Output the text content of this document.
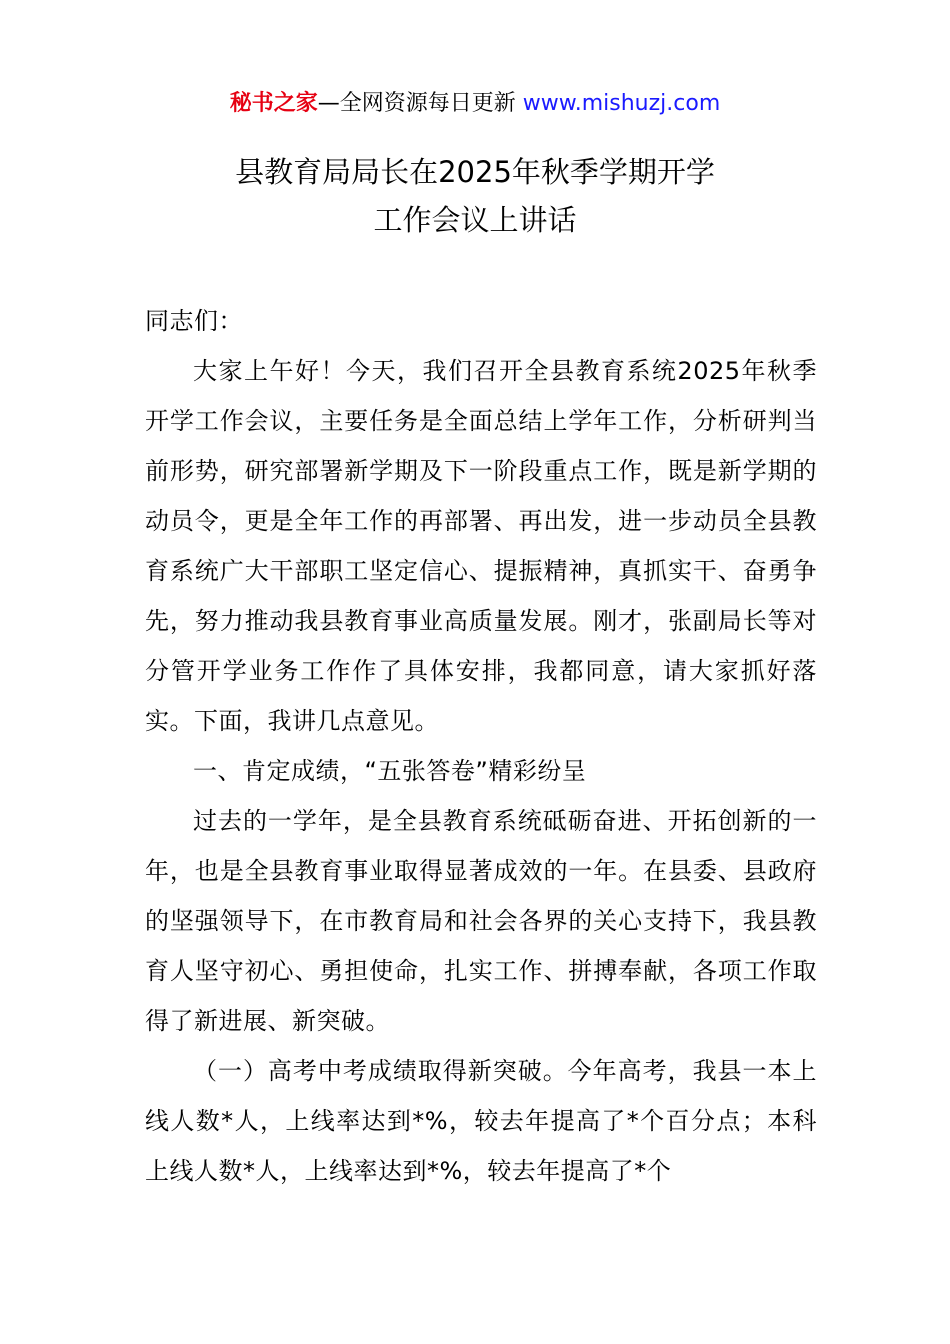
秘书之家—全网资源每日更新 www.mishuzj.com
县教育局局长在2025年秋季学期开学
工作会议上讲话

同志们：

大家上午好！今天，我们召开全县教育系统2025年秋季开学工作会议，主要任务是全面总结上学年工作，分析研判当前形势，研究部署新学期及下一阶段重点工作，既是新学期的动员令，更是全年工作的再部署、再出发，进一步动员全县教育系统广大干部职工坚定信心、提振精神，真抓实干、奋勇争先，努力推动我县教育事业高质量发展。刚才，张副局长等对分管开学业务工作作了具体安排，我都同意，请大家抓好落实。下面，我讲几点意见。

一、肯定成绩，“五张答卷”精彩纷呈

过去的一学年，是全县教育系统砥砺奋进、开拓创新的一年，也是全县教育事业取得显著成效的一年。在县委、县政府的坚强领导下，在市教育局和社会各界的关心支持下，我县教育人坚守初心、勇担使命，扎实工作、拼搏奉献，各项工作取得了新进展、新突破。

（一）高考中考成绩取得新突破。今年高考，我县一本上线人数*人，上线率达到*%，较去年提高了*个百分点；本科上线人数*人，上线率达到*%，较去年提高了*个
